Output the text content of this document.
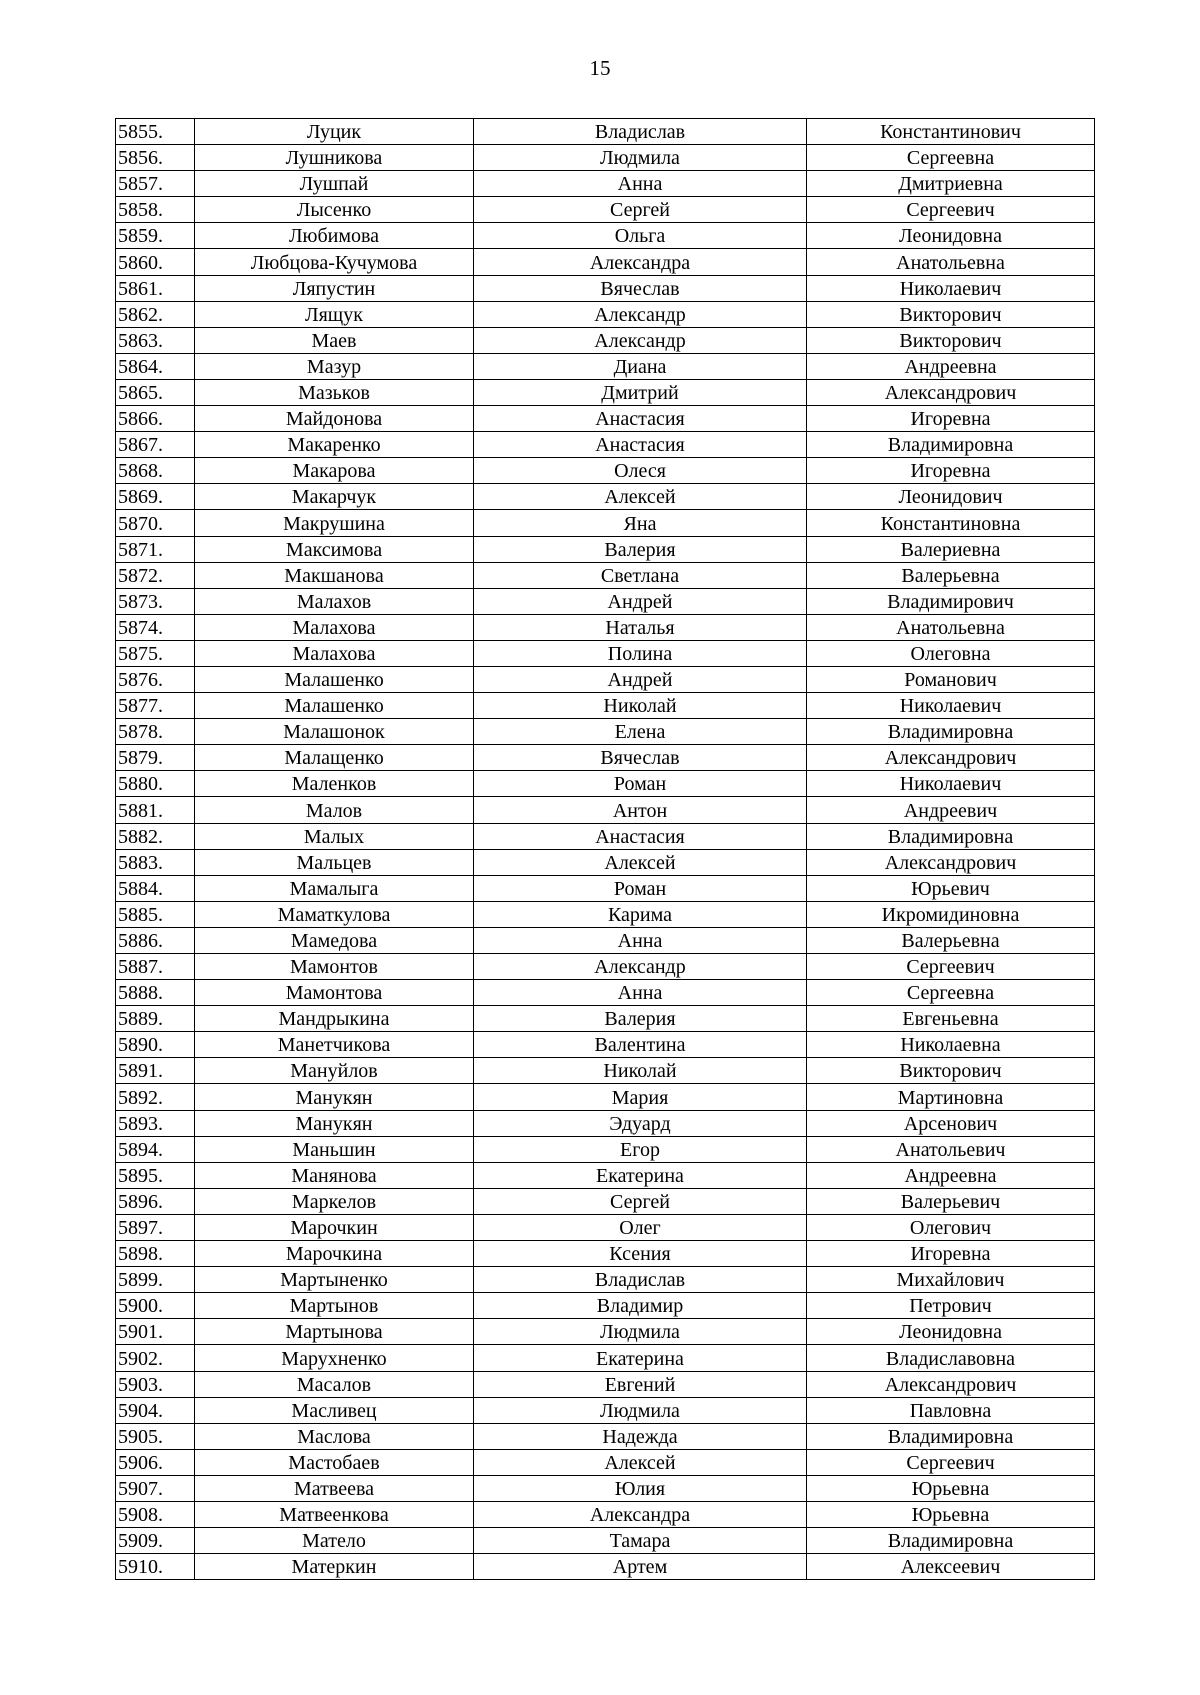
15
5855.	Луцик	Владислав	Константинович
5856.	Лушникова	Людмила	Сергеевна
5857.	Лушпай	Анна	Дмитриевна
5858.	Лысенко	Сергей	Сергеевич
5859.	Любимова	Ольга	Леонидовна
5860.	Любцова-Кучумова	Александра	Анатольевна
5861.	Ляпустин	Вячеслав	Николаевич
5862.	Лящук	Александр	Викторович
5863.	Маев	Александр	Викторович
5864.	Мазур	Диана	Андреевна
5865.	Мазьков	Дмитрий	Александрович
5866.	Майдонова	Анастасия	Игоревна
5867.	Макаренко	Анастасия	Владимировна
5868.	Макарова	Олеся	Игоревна
5869.	Макарчук	Алексей	Леонидович
5870.	Макрушина	Яна	Константиновна
5871.	Максимова	Валерия	Валериевна
5872.	Макшанова	Светлана	Валерьевна
5873.	Малахов	Андрей	Владимирович
5874.	Малахова	Наталья	Анатольевна
5875.	Малахова	Полина	Олеговна
5876.	Малашенко	Андрей	Романович
5877.	Малашенко	Николай	Николаевич
5878.	Малашонок	Елена	Владимировна
5879.	Малащенко	Вячеслав	Александрович
5880.	Маленков	Роман	Николаевич
5881.	Малов	Антон	Андреевич
5882.	Малых	Анастасия	Владимировна
5883.	Мальцев	Алексей	Александрович
5884.	Мамалыга	Роман	Юрьевич
5885.	Маматкулова	Карима	Икромидиновна
5886.	Мамедова	Анна	Валерьевна
5887.	Мамонтов	Александр	Сергеевич
5888.	Мамонтова	Анна	Сергеевна
5889.	Мандрыкина	Валерия	Евгеньевна
5890.	Манетчикова	Валентина	Николаевна
5891.	Мануйлов	Николай	Викторович
5892.	Манукян	Мария	Мартиновна
5893.	Манукян	Эдуард	Арсенович
5894.	Маньшин	Егор	Анатольевич
5895.	Манянова	Екатерина	Андреевна
5896.	Маркелов	Сергей	Валерьевич
5897.	Марочкин	Олег	Олегович
5898.	Марочкина	Ксения	Игоревна
5899.	Мартыненко	Владислав	Михайлович
5900.	Мартынов	Владимир	Петрович
5901.	Мартынова	Людмила	Леонидовна
5902.	Марухненко	Екатерина	Владиславовна
5903.	Масалов	Евгений	Александрович
5904.	Масливец	Людмила	Павловна
5905.	Маслова	Надежда	Владимировна
5906.	Мастобаев	Алексей	Сергеевич
5907.	Матвеева	Юлия	Юрьевна
5908.	Матвеенкова	Александра	Юрьевна
5909.	Матело	Тамара	Владимировна
5910.	Матеркин	Артем	Алексеевич
